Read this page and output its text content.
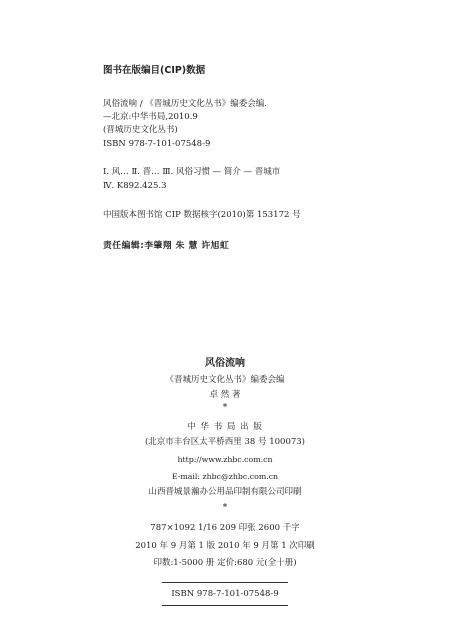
图书在版编目(CIP)数据
风俗流响 / 《晋城历史文化丛书》编委会编.
—北京:中华书局,2010.9
(晋城历史文化丛书)
ISBN 978-7-101-07548-9
Ⅰ. 风… Ⅱ. 晋… Ⅲ. 风俗习惯 — 简介 — 晋城市
Ⅳ. K892.425.3
中国版本图书馆 CIP 数据核字(2010)第 153172 号
责任编辑:李肇翔 朱 慧 许旭虹
风俗流响
《晋城历史文化丛书》编委会编
卓 然 著
*
中 华 书 局 出 版
(北京市丰台区太平桥西里 38 号 100073)
http://www.zhbc.com.cn
E-mail: zhbc@zhbc.com.cn
山西晋城景瀚办公用品印制有限公司印刷
*
787×1092 1/16 209 印张 2600 千字
2010 年 9 月第 1 版 2010 年 9 月第 1 次印刷
印数:1-5000 册 定价:680 元(全十册)
ISBN 978-7-101-07548-9
